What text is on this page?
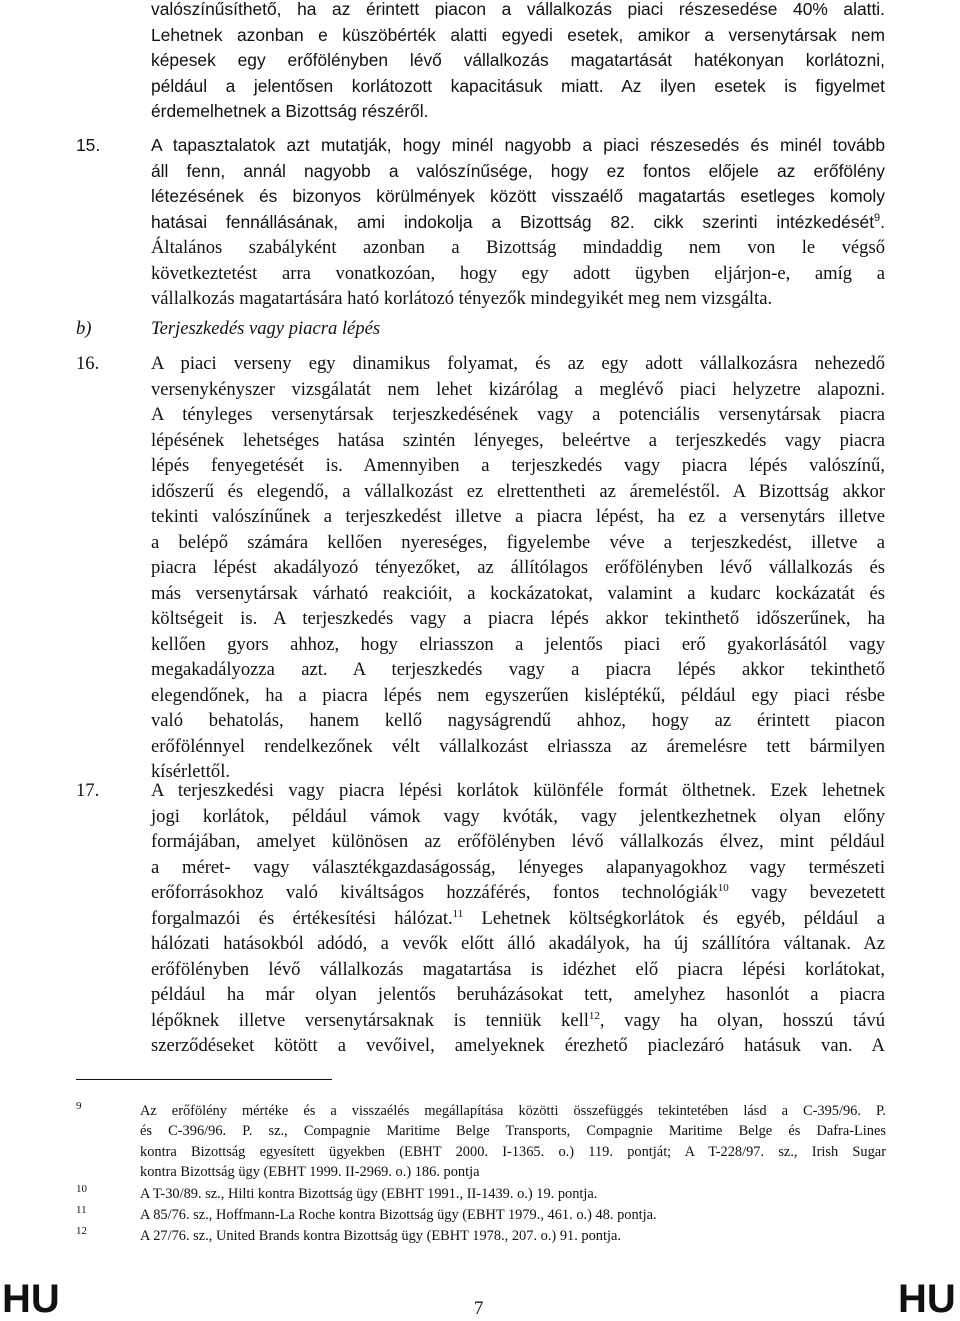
valószínűsíthető, ha az érintett piacon a vállalkozás piaci részesedése 40% alatti.
Lehetnek azonban e küszöbérték alatti egyedi esetek, amikor a versenytársak nem
képesek egy erőfölényben lévő vállalkozás magatartását hatékonyan korlátozni,
például a jelentősen korlátozott kapacitásuk miatt. Az ilyen esetek is figyelmet
érdemelhetnek a Bizottság részéről.
15.	A tapasztalatok azt mutatják, hogy minél nagyobb a piaci részesedés és minél tovább
áll fenn, annál nagyobb a valószínűsége, hogy ez fontos előjele az erőfölény
létezésének és bizonyos körülmények között visszaélő magatartás esetleges komoly
hatásai fennállásának, ami indokolja a Bizottság 82. cikk szerinti intézkedését$^9$.
Általános szabályként azonban a Bizottság mindaddig nem von le végső
következtetést arra vonatkozóan, hogy egy adott ügyben eljárjon-e, amíg a
vállalkozás magatartására ható korlátozó tényezők mindegyikét meg nem vizsgálta.
b)	Terjeszkedés vagy piacra lépés
16.	A piaci verseny egy dinamikus folyamat, és az egy adott vállalkozásra nehezedő
versenykényszer vizsgálatát nem lehet kizárólag a meglévő piaci helyzetre alapozni.
A tényleges versenytársak terjeszkedésének vagy a potenciális versenytársak piacra
lépésének lehetséges hatása szintén lényeges, beleértve a terjeszkedés vagy piacra
lépés fenyegetését is. Amennyiben a terjeszkedés vagy piacra lépés valószínű,
időszerű és elegendő, a vállalkozást ez elrettentheti az áremeléstől. A Bizottság akkor
tekinti valószínűnek a terjeszkedést illetve a piacra lépést, ha ez a versenytárs illetve
a belépő számára kellően nyereséges, figyelembe véve a terjeszkedést, illetve a
piacra lépést akadályozó tényezőket, az állítólagos erőfölényben lévő vállalkozás és
más versenytársak várható reakcióit, a kockázatokat, valamint a kudarc kockázatát és
költségeit is. A terjeszkedés vagy a piacra lépés akkor tekinthető időszerűnek, ha
kellően gyors ahhoz, hogy elriasszon a jelentős piaci erő gyakorlásától vagy
megakadályozza azt. A terjeszkedés vagy a piacra lépés akkor tekinthető
elegendőnek, ha a piacra lépés nem egyszerűen kisléptékű, például egy piaci résbe
való behatolás, hanem kellő nagyságrendű ahhoz, hogy az érintett piacon
erőfölénnyel rendelkezőnek vélt vállalkozást elriassza az áremelésre tett bármilyen
kísérlettől.
17.	A terjeszkedési vagy piacra lépési korlátok különféle formát ölthetnek. Ezek lehetnek
jogi korlátok, például vámok vagy kvóták, vagy jelentkezhetnek olyan előny
formájában, amelyet különösen az erőfölényben lévő vállalkozás élvez, mint például
a méret- vagy választékgazdaságosság, lényeges alapanyagokhoz vagy természeti
erőforrásokhoz való kiváltságos hozzáférés, fontos technológiák$^{10}$ vagy bevezetett
forgalmazói és értékesítési hálózat.$^{11}$ Lehetnek költségkorlátok és egyéb, például a
hálózati hatásokból adódó, a vevők előtt álló akadályok, ha új szállítóra váltanak. Az
erőfölényben lévő vállalkozás magatartása is idézhet elő piacra lépési korlátokat,
például ha már olyan jelentős beruházásokat tett, amelyhez hasonlót a piacra
lépőknek illetve versenytársaknak is tenniük kell$^{12}$, vagy ha olyan, hosszú távú
szerződéseket kötött a vevőivel, amelyeknek érezhető piaclezáró hatásuk van. A
9	Az erőfölény mértéke és a visszaélés megállapítása közötti összefüggés tekintetében lásd a C-395/96. P.
és C-396/96. P. sz., Compagnie Maritime Belge Transports, Compagnie Maritime Belge és Dafra-Lines
kontra Bizottság egyesített ügyekben (EBHT 2000. I-1365. o.) 119. pontját; A T-228/97. sz., Irish Sugar
kontra Bizottság ügy (EBHT 1999. II-2969. o.) 186. pontja
10	A T-30/89. sz., Hilti kontra Bizottság ügy (EBHT 1991., II-1439. o.) 19. pontja.
11	A 85/76. sz., Hoffmann-La Roche kontra Bizottság ügy (EBHT 1979., 461. o.) 48. pontja.
12	A 27/76. sz., United Brands kontra Bizottság ügy (EBHT 1978., 207. o.) 91. pontja.
HU	7	HU
